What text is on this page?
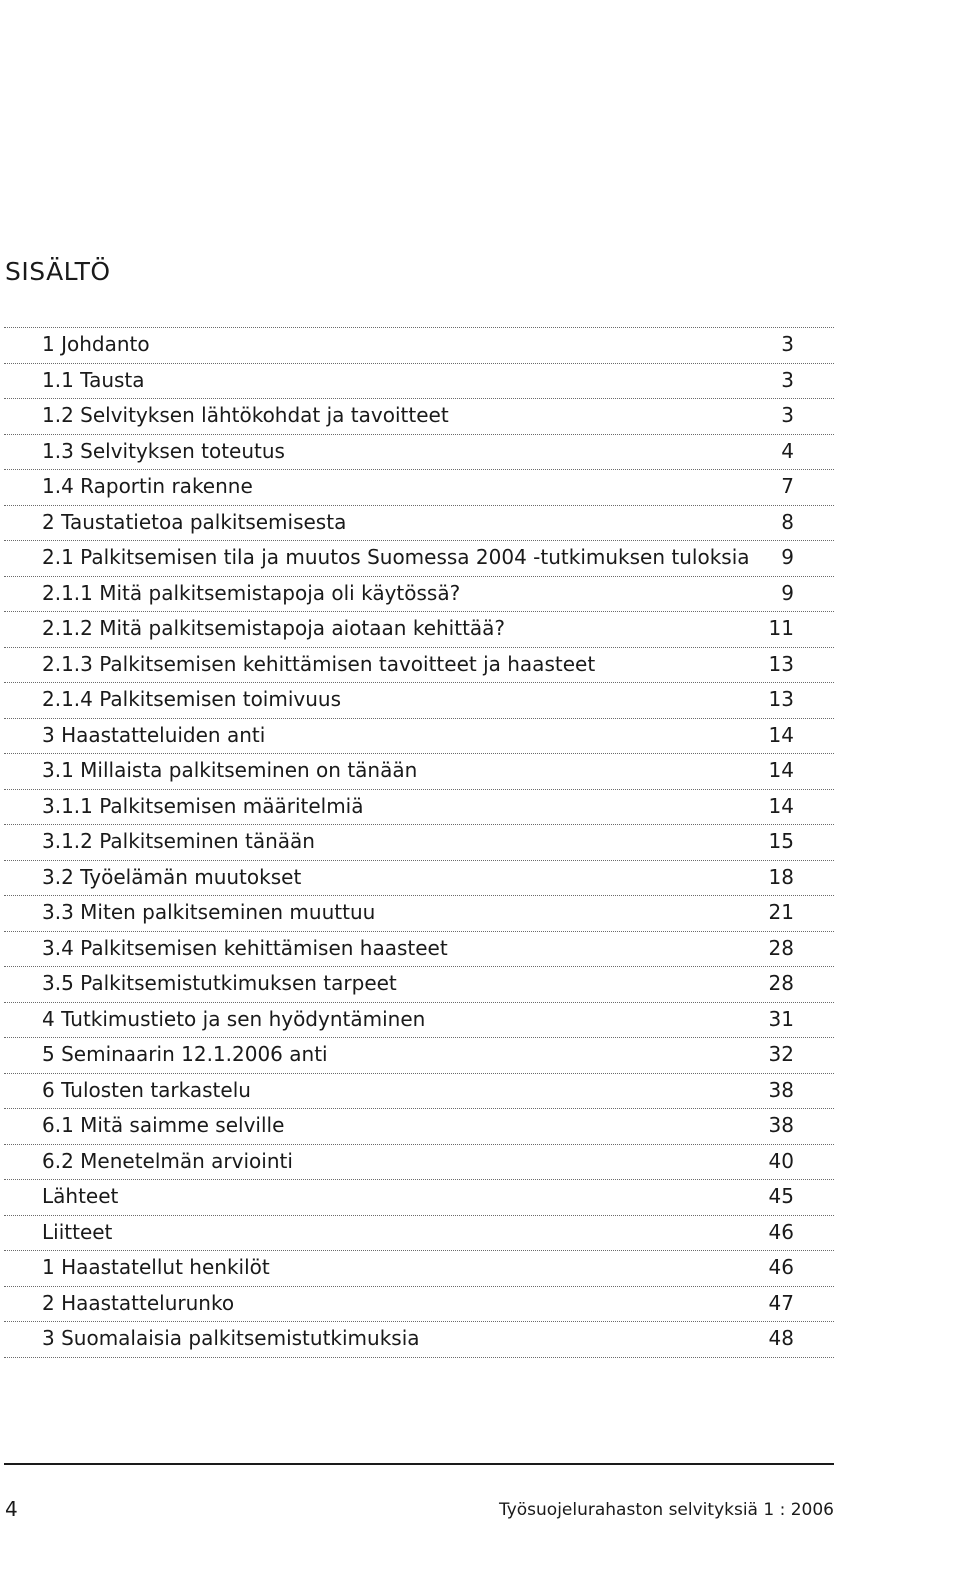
SISÄLTÖ
1 Johdanto	3
1.1 Tausta	3
1.2 Selvityksen lähtökohdat ja tavoitteet	3
1.3 Selvityksen toteutus	4
1.4 Raportin rakenne	7
2 Taustatietoa palkitsemisesta	8
2.1 Palkitsemisen tila ja muutos Suomessa 2004 -tutkimuksen tuloksia 9
2.1.1 Mitä palkitsemistapoja oli käytössä?	9
2.1.2 Mitä palkitsemistapoja aiotaan kehittää?	11
2.1.3 Palkitsemisen kehittämisen tavoitteet ja haasteet	13
2.1.4 Palkitsemisen toimivuus	13
3 Haastatteluiden anti	14
3.1 Millaista palkitseminen on tänään	14
3.1.1 Palkitsemisen määritelmiä	14
3.1.2 Palkitseminen tänään	15
3.2 Työelämän muutokset	18
3.3 Miten palkitseminen muuttuu	21
3.4 Palkitsemisen kehittämisen haasteet	28
3.5 Palkitsemistutkimuksen tarpeet	28
4 Tutkimustieto ja sen hyödyntäminen	31
5 Seminaarin 12.1.2006 anti	32
6 Tulosten tarkastelu	38
6.1 Mitä saimme selville	38
6.2 Menetelmän arviointi	40
Lähteet	45
Liitteet	46
1 Haastatellut henkilöt	46
2 Haastattelurunko	47
3 Suomalaisia palkitsemistutkimuksia	48
4	Työsuojelurahaston selvityksiä 1 : 2006
